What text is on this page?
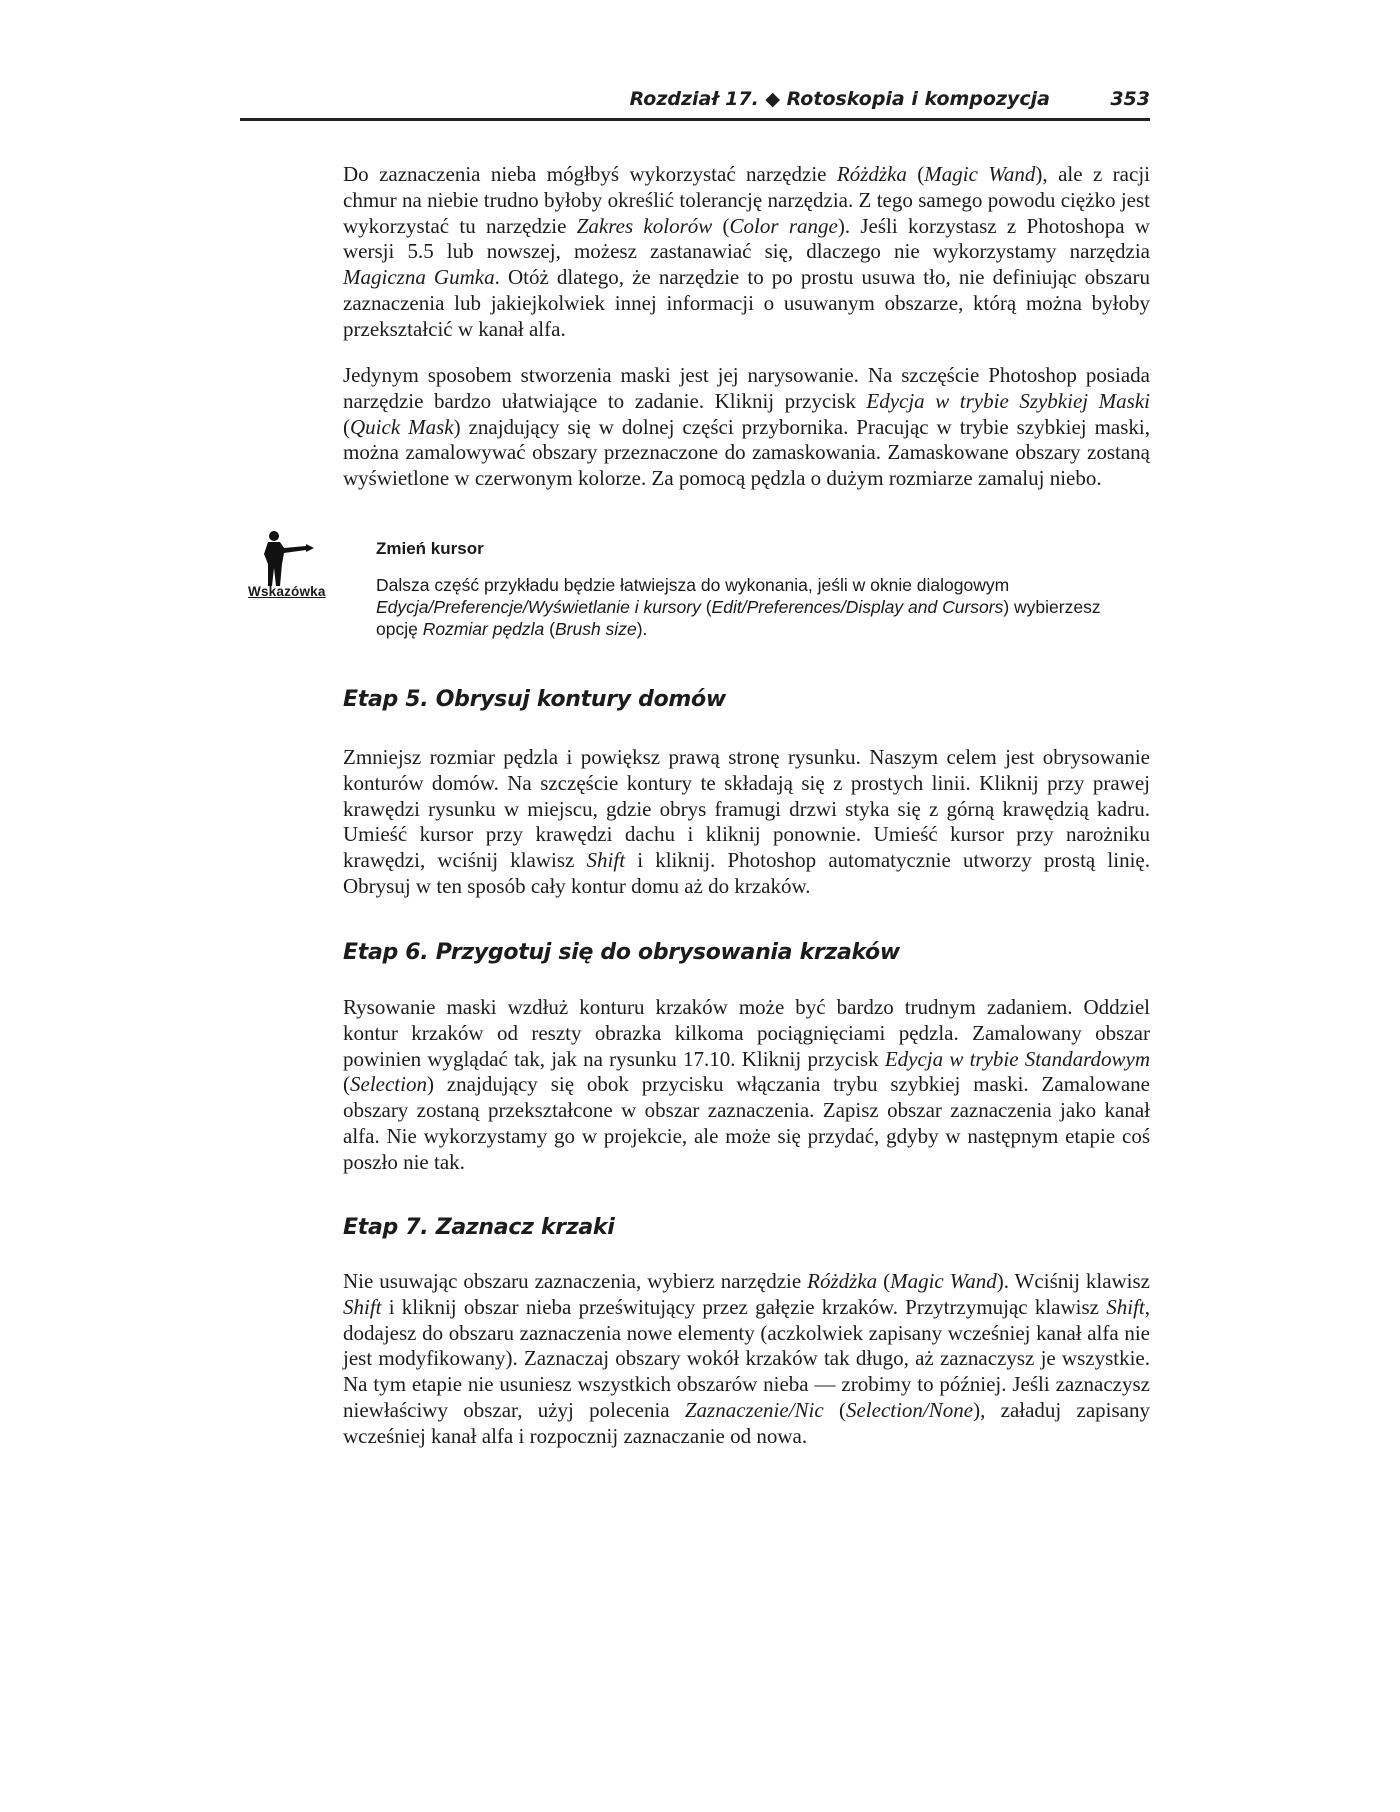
Rozdział 17. ◆ Rotoskopia i kompozycja	353

Do zaznaczenia nieba mógłbyś wykorzystać narzędzie Różdżka (Magic Wand), ale z racji chmur na niebie trudno byłoby określić tolerancję narzędzia. Z tego samego powodu ciężko jest wykorzystać tu narzędzie Zakres kolorów (Color range). Jeśli korzystasz z Photoshopa w wersji 5.5 lub nowszej, możesz zastanawiać się, dlaczego nie wykorzystamy narzędzia Magiczna Gumka. Otóż dlatego, że narzędzie to po prostu usuwa tło, nie definiując obszaru zaznaczenia lub jakiejkolwiek innej informacji o usuwanym obszarze, którą można byłoby przekształcić w kanał alfa.

Jedynym sposobem stworzenia maski jest jej narysowanie. Na szczęście Photoshop posiada narzędzie bardzo ułatwiające to zadanie. Kliknij przycisk Edycja w trybie Szybkiej Maski (Quick Mask) znajdujący się w dolnej części przybornika. Pracując w trybie szybkiej maski, można zamalowywać obszary przeznaczone do zamaskowania. Zamaskowane obszary zostaną wyświetlone w czerwonym kolorze. Za pomocą pędzla o dużym rozmiarze zamaluj niebo.

Wskazówka
Zmień kursor

Dalsza część przykładu będzie łatwiejsza do wykonania, jeśli w oknie dialogowym Edycja/Preferencje/Wyświetlanie i kursory (Edit/Preferences/Display and Cursors) wybierzesz opcję Rozmiar pędzla (Brush size).

Etap 5. Obrysuj kontury domów

Zmniejsz rozmiar pędzla i powiększ prawą stronę rysunku. Naszym celem jest obrysowanie konturów domów. Na szczęście kontury te składają się z prostych linii. Kliknij przy prawej krawędzi rysunku w miejscu, gdzie obrys framugi drzwi styka się z górną krawędzią kadru. Umieść kursor przy krawędzi dachu i kliknij ponownie. Umieść kursor przy narożniku krawędzi, wciśnij klawisz Shift i kliknij. Photoshop automatycznie utworzy prostą linię. Obrysuj w ten sposób cały kontur domu aż do krzaków.

Etap 6. Przygotuj się do obrysowania krzaków

Rysowanie maski wzdłuż konturu krzaków może być bardzo trudnym zadaniem. Oddziel kontur krzaków od reszty obrazka kilkoma pociągnięciami pędzla. Zamalowany obszar powinien wyglądać tak, jak na rysunku 17.10. Kliknij przycisk Edycja w trybie Standardowym (Selection) znajdujący się obok przycisku włączania trybu szybkiej maski. Zamalowane obszary zostaną przekształcone w obszar zaznaczenia. Zapisz obszar zaznaczenia jako kanał alfa. Nie wykorzystamy go w projekcie, ale może się przydać, gdyby w następnym etapie coś poszło nie tak.

Etap 7. Zaznacz krzaki

Nie usuwając obszaru zaznaczenia, wybierz narzędzie Różdżka (Magic Wand). Wciśnij klawisz Shift i kliknij obszar nieba prześwitujący przez gałęzie krzaków. Przytrzymując klawisz Shift, dodajesz do obszaru zaznaczenia nowe elementy (aczkolwiek zapisany wcześniej kanał alfa nie jest modyfikowany). Zaznaczaj obszary wokół krzaków tak długo, aż zaznaczysz je wszystkie. Na tym etapie nie usuniesz wszystkich obszarów nieba — zrobimy to później. Jeśli zaznaczysz niewłaściwy obszar, użyj polecenia Zaznaczenie/Nic (Selection/None), załaduj zapisany wcześniej kanał alfa i rozpocznij zaznaczanie od nowa.
